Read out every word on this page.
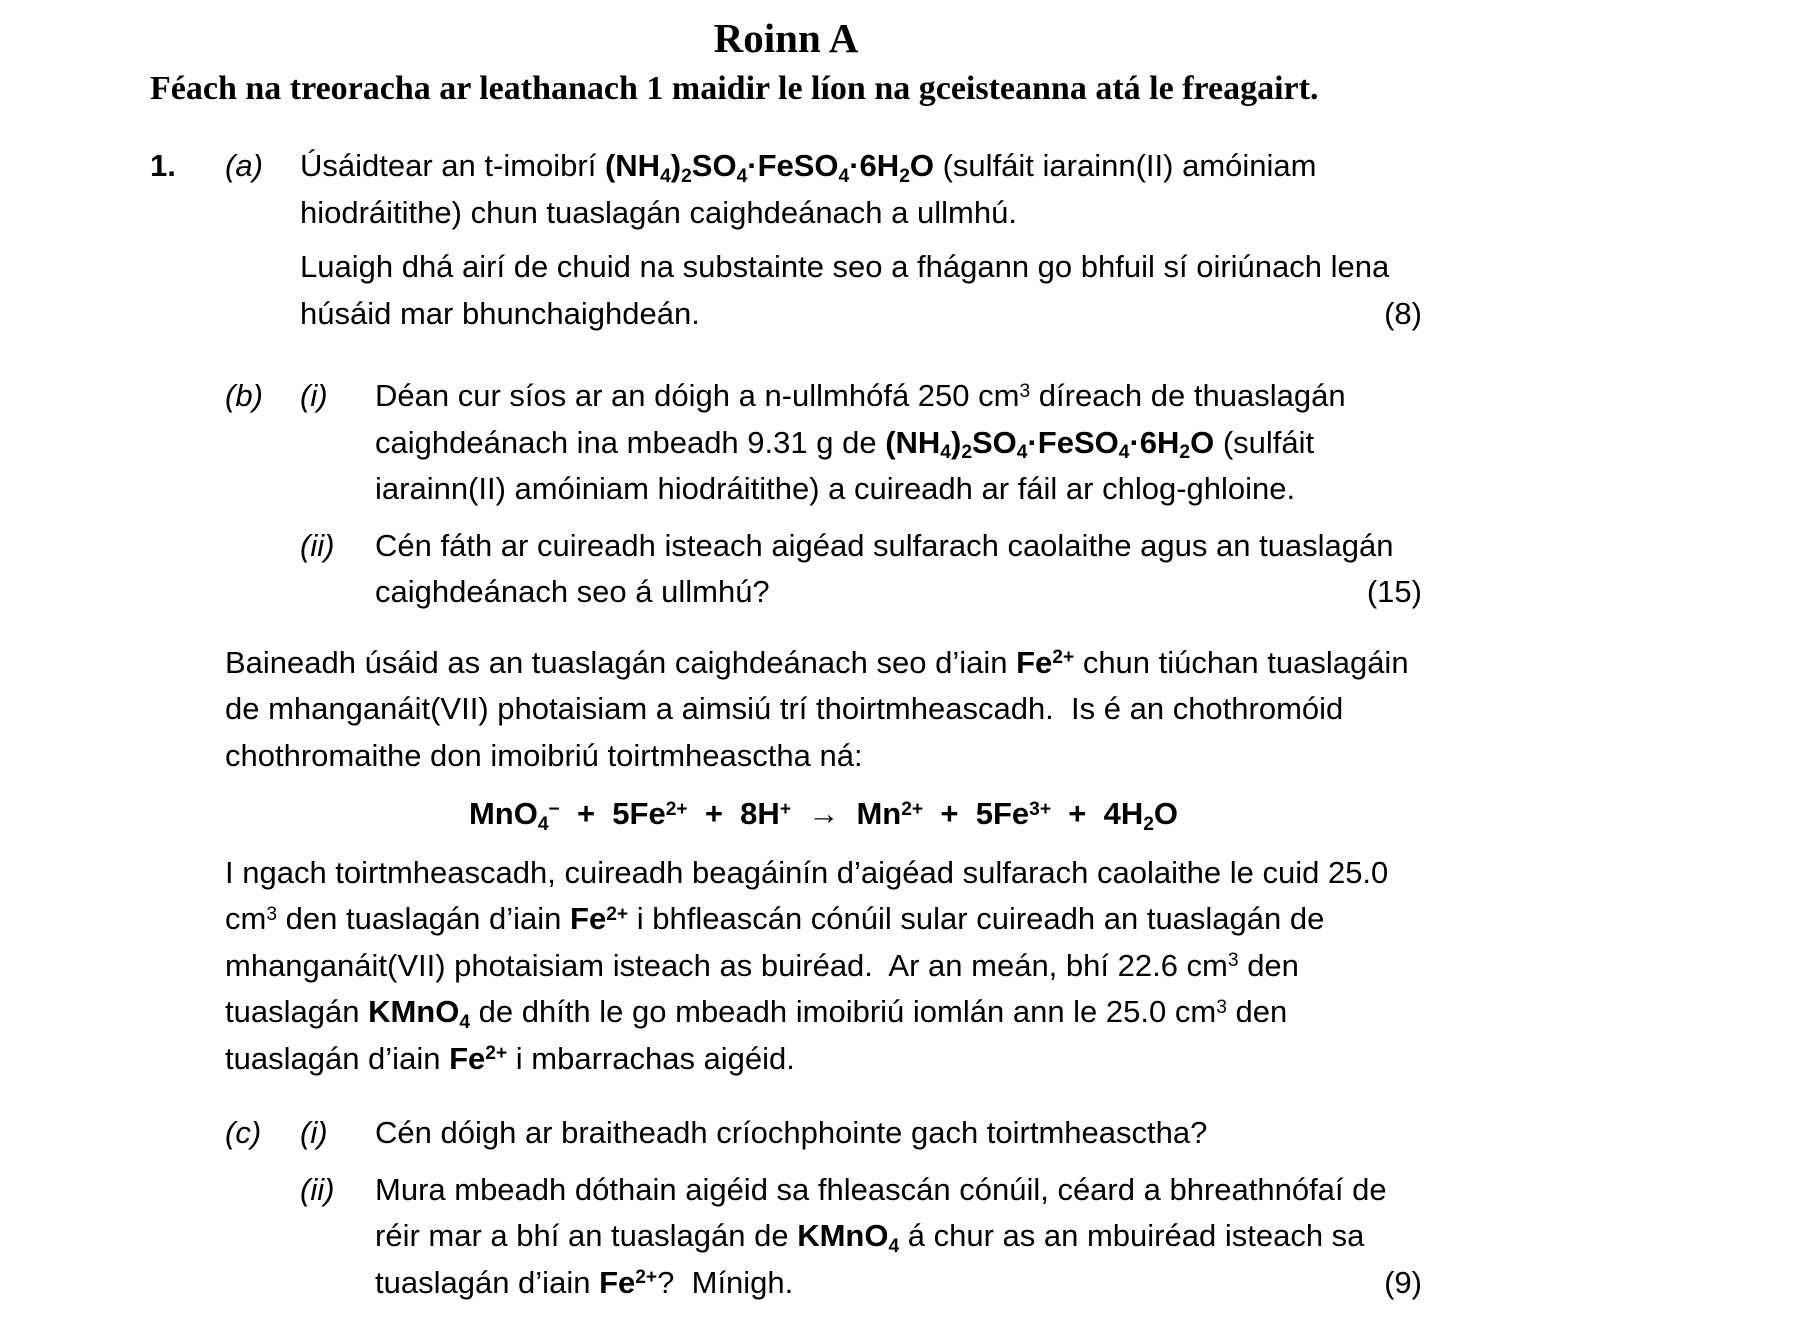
Roinn A
Féach na treoracha ar leathanach 1 maidir le líon na gceisteanna atá le freagairt.
1.	(a)	Úsáidtear an t-imoibrí (NH4)2SO4·FeSO4·6H2O (sulfáit iarainn(II) amóiniam hiodráitithe) chun tuaslagán caighdeánach a ullmhú.
Luaigh dhá airí de chuid na substainte seo a fhágann go bhfuil sí oiriúnach lena húsáid mar bhunchaighdeán.	(8)
(b)	(i)	Déan cur síos ar an dóigh a n-ullmhófá 250 $cm^3$ díreach de thuaslagán caighdeánach ina mbeadh 9.31 g de (NH4)2SO4·FeSO4·6H2O (sulfáit iarainn(II) amóiniam hiodráitithe) a cuireadh ar fáil ar chlog-ghloine.
(ii)	Cén fáth ar cuireadh isteach aigéad sulfarach caolaithe agus an tuaslagán caighdeánach seo á ullmhú?	(15)
Baineadh úsáid as an tuaslagán caighdeánach seo d’iain $Fe^{2+}$ chun tiúchan tuaslagáin de mhanganáit(VII) photaisiam a aimsiú trí thoirtmheascadh.  Is é an chothromóid chothromaithe don imoibriú toirtmheasctha ná:
$MnO4^- + 5Fe^{2+} + 8H^+ \to Mn^{2+} + 5Fe^{3+} + 4H2O$
I ngach toirtmheascadh, cuireadh beagáinín d’aigéad sulfarach caolaithe le cuid 25.0 $cm^3$ den tuaslagán d’iain $Fe^{2+}$ i bhfleascán cónúil sular cuireadh an tuaslagán de mhanganáit(VII) photaisiam isteach as buiréad.  Ar an meán, bhí 22.6 $cm^3$ den tuaslagán KMnO4 de dhíth le go mbeadh imoibriú iomlán ann le 25.0 $cm^3$ den tuaslagán d’iain $Fe^{2+}$ i mbarrachas aigéid.
(c)	(i)	Cén dóigh ar braitheadh críochphointe gach toirtmheasctha?
(ii)	Mura mbeadh dóthain aigéid sa fhleascán cónúil, céard a bhreathnófaí de réir mar a bhí an tuaslagán de KMnO4 á chur as an mbuiréad isteach sa tuaslagán d’iain $Fe^{2+}$?  Mínigh.	(9)
